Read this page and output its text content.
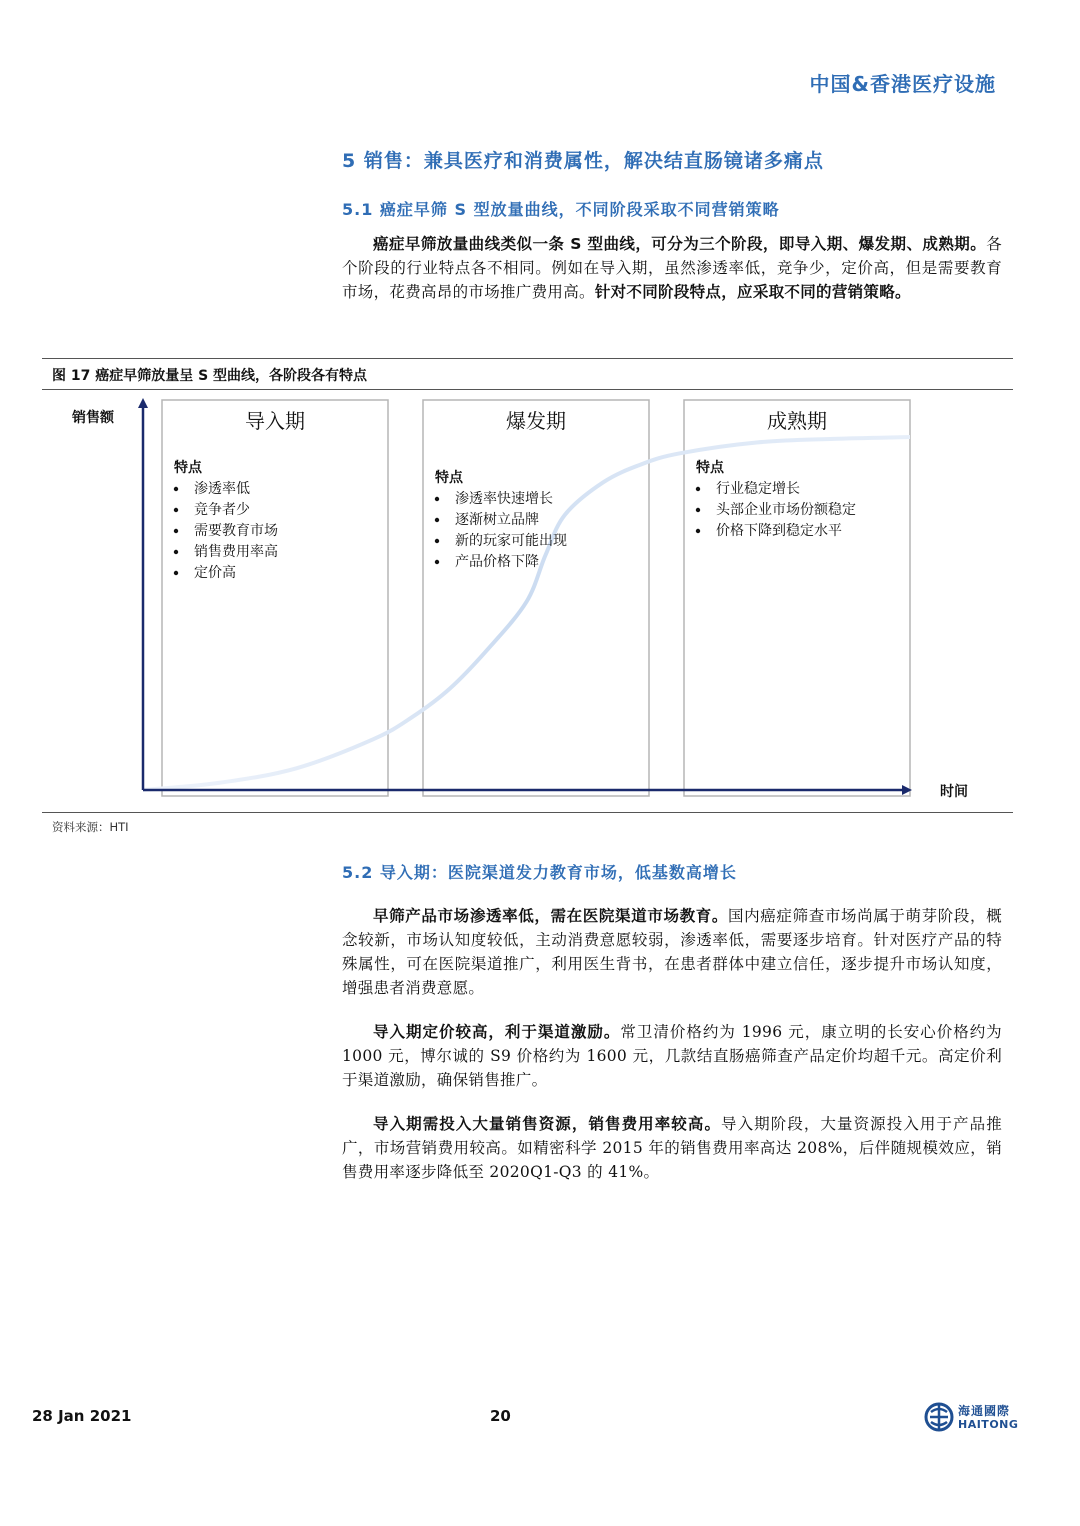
中国&香港医疗设施
5 销售：兼具医疗和消费属性，解决结直肠镜诸多痛点
5.1 癌症早筛 S 型放量曲线，不同阶段采取不同营销策略

癌症早筛放量曲线类似一条 S 型曲线，可分为三个阶段，即导入期、爆发期、成熟期。各个阶段的行业特点各不相同。例如在导入期，虽然渗透率低，竞争少，定价高，但是需要教育市场，花费高昂的市场推广费用高。针对不同阶段特点，应采取不同的营销策略。

图 17 癌症早筛放量呈 S 型曲线，各阶段各有特点
导入期
特点
渗透率低
竞争者少
需要教育市场
销售费用率高
定价高
爆发期
特点
渗透率快速增长
逐渐树立品牌
新的玩家可能出现
产品价格下降
成熟期
特点
行业稳定增长
头部企业市场份额稳定
价格下降到稳定水平
销售额
时间
资料来源：HTI
5.2 导入期：医院渠道发力教育市场，低基数高增长

早筛产品市场渗透率低，需在医院渠道市场教育。国内癌症筛查市场尚属于萌芽阶段，概念较新，市场认知度较低，主动消费意愿较弱，渗透率低，需要逐步培育。针对医疗产品的特殊属性，可在医院渠道推广，利用医生背书，在患者群体中建立信任，逐步提升市场认知度，增强患者消费意愿。

导入期定价较高，利于渠道激励。常卫清价格约为 1996 元，康立明的长安心价格约为 1000 元，博尔诚的 S9 价格约为 1600 元，几款结直肠癌筛查产品定价均超千元。高定价利于渠道激励，确保销售推广。

导入期需投入大量销售资源，销售费用率较高。导入期阶段，大量资源投入用于产品推广，市场营销费用较高。如精密科学 2015 年的销售费用率高达 208%，后伴随规模效应，销售费用率逐步降低至 2020Q1-Q3 的 41%。

28 Jan 2021	20	海通國際
HAITONG
